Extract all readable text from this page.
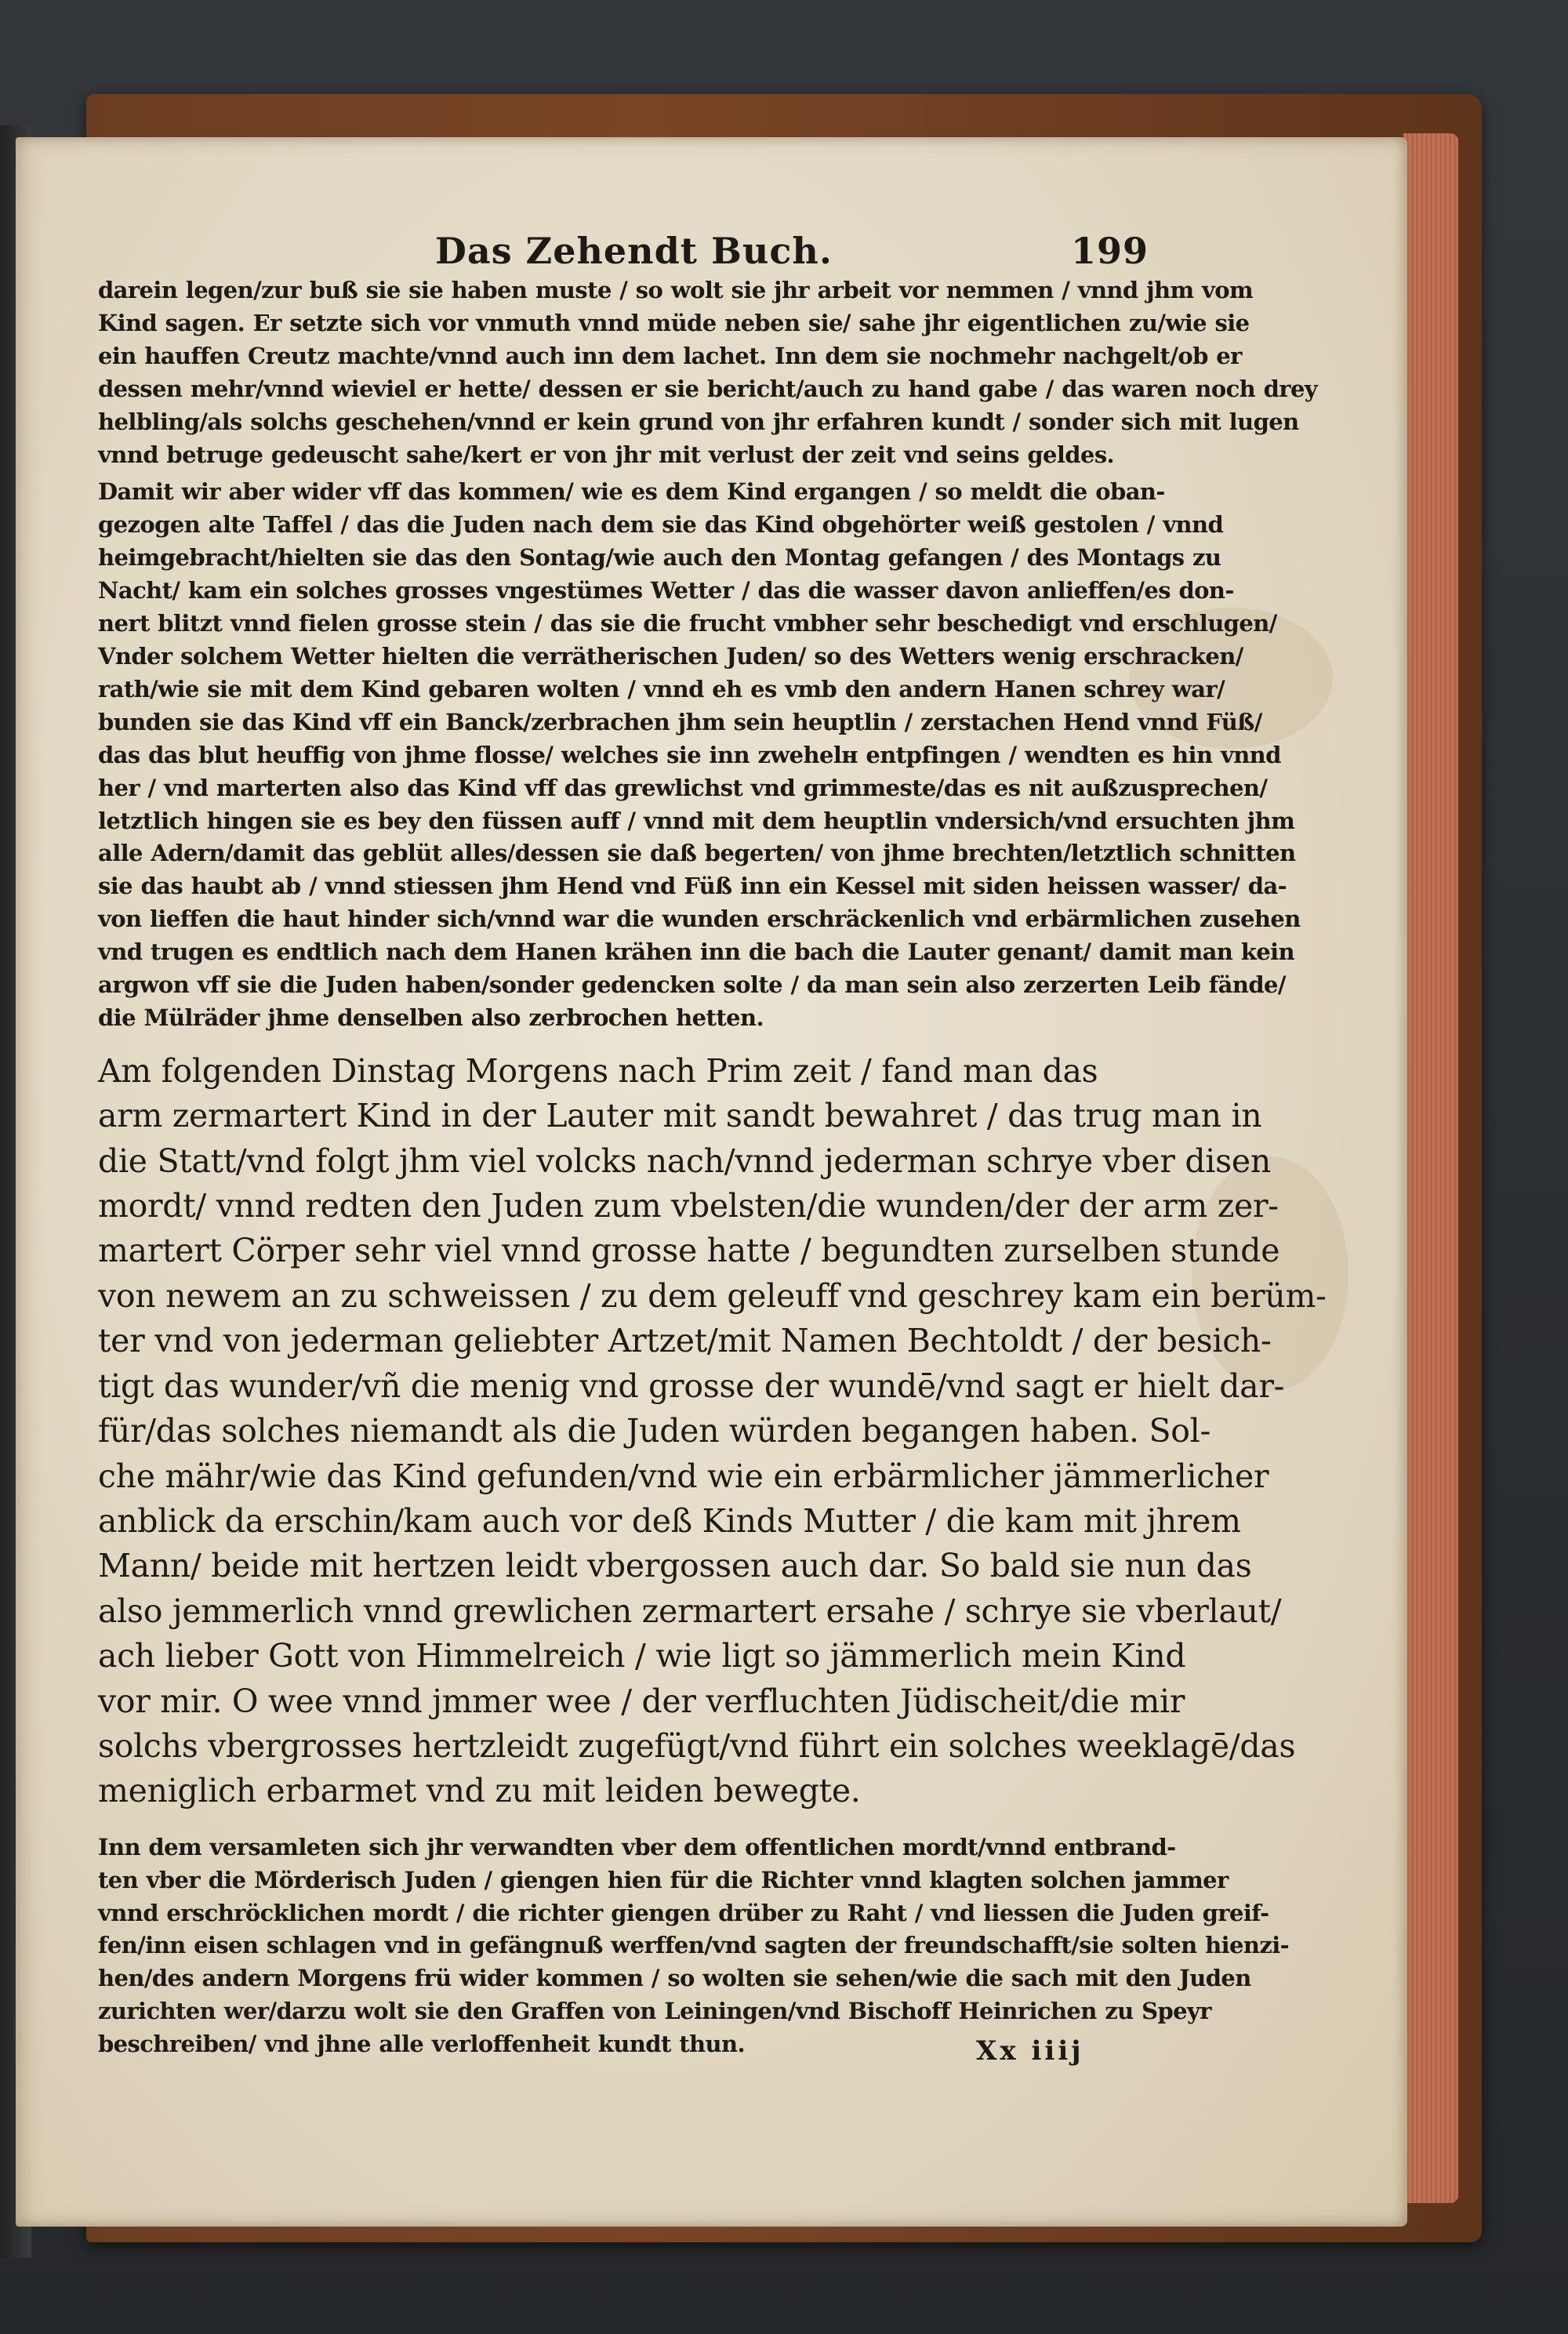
Das Zehendt Buch.	199
darein legen/zur buß sie sie haben muste / so wolt sie jhr arbeit vor nemmen / vnnd jhm vom
Kind sagen. Er setzte sich vor vnmuth vnnd müde neben sie/ sahe jhr eigentlichen zu/wie sie
ein hauffen Creutz machte/vnnd auch inn dem lachet. Inn dem sie nochmehr nachgelt/ob er
dessen mehr/vnnd wieviel er hette/ dessen er sie bericht/auch zu hand gabe / das waren noch drey
helbling/als solchs geschehen/vnnd er kein grund von jhr erfahren kundt / sonder sich mit lugen
vnnd betruge gedeuscht sahe/kert er von jhr mit verlust der zeit vnd seins geldes.
Damit wir aber wider vff das kommen/ wie es dem Kind ergangen / so meldt die oban-
gezogen alte Taffel / das die Juden nach dem sie das Kind obgehörter weiß gestolen / vnnd
heimgebracht/hielten sie das den Sontag/wie auch den Montag gefangen / des Montags zu
Nacht/ kam ein solches grosses vngestümes Wetter / das die wasser davon anlieffen/es don-
nert blitzt vnnd fielen grosse stein / das sie die frucht vmbher sehr beschedigt vnd erschlugen/
Vnder solchem Wetter hielten die verrätherischen Juden/ so des Wetters wenig erschracken/
rath/wie sie mit dem Kind gebaren wolten / vnnd eh es vmb den andern Hanen schrey war/
bunden sie das Kind vff ein Banck/zerbrachen jhm sein heuptlin / zerstachen Hend vnnd Füß/
das das blut heuffig von jhme flosse/ welches sie inn zwehelн entpfingen / wendten es hin vnnd
her / vnd marterten also das Kind vff das grewlichst vnd grimmeste/das es nit außzusprechen/
letztlich hingen sie es bey den füssen auff / vnnd mit dem heuptlin vndersich/vnd ersuchten jhm
alle Adern/damit das geblüt alles/dessen sie daß begerten/ von jhme brechten/letztlich schnitten
sie das haubt ab / vnnd stiessen jhm Hend vnd Füß inn ein Kessel mit siden heissen wasser/ da-
von lieffen die haut hinder sich/vnnd war die wunden erschräckenlich vnd erbärmlichen zusehen
vnd trugen es endtlich nach dem Hanen krähen inn die bach die Lauter genant/ damit man kein
argwon vff sie die Juden haben/sonder gedencken solte / da man sein also zerzerten Leib fände/
die Mülräder jhme denselben also zerbrochen hetten.
Am folgenden Dinstag Morgens nach Prim zeit / fand man das
arm zermartert Kind in der Lauter mit sandt bewahret / das trug man in
die Statt/vnd folgt jhm viel volcks nach/vnnd jederman schrye vber disen
mordt/ vnnd redten den Juden zum vbelsten/die wunden/der der arm zer-
martert Cörper sehr viel vnnd grosse hatte / begundten zurselben stunde
von newem an zu schweissen / zu dem geleuff vnd geschrey kam ein berüm-
ter vnd von jederman geliebter Artzet/mit Namen Bechtoldt / der besich-
tigt das wunder/vñ die menig vnd grosse der wundē/vnd sagt er hielt dar-
für/das solches niemandt als die Juden würden begangen haben. Sol-
che mähr/wie das Kind gefunden/vnd wie ein erbärmlicher jämmerlicher
anblick da erschin/kam auch vor deß Kinds Mutter / die kam mit jhrem
Mann/ beide mit hertzen leidt vbergossen auch dar. So bald sie nun das
also jemmerlich vnnd grewlichen zermartert ersahe / schrye sie vberlaut/
ach lieber Gott von Himmelreich / wie ligt so jämmerlich mein Kind
vor mir. O wee vnnd jmmer wee / der verfluchten Jüdischeit/die mir
solchs vbergrosses hertzleidt zugefügt/vnd führt ein solches weeklagē/das
meniglich erbarmet vnd zu mit leiden bewegte.
Inn dem versamleten sich jhr verwandten vber dem offentlichen mordt/vnnd entbrand-
ten vber die Mörderisch Juden / giengen hien für die Richter vnnd klagten solchen jammer
vnnd erschröcklichen mordt / die richter giengen drüber zu Raht / vnd liessen die Juden greif-
fen/inn eisen schlagen vnd in gefängnuß werffen/vnd sagten der freundschafft/sie solten hienzi-
hen/des andern Morgens frü wider kommen / so wolten sie sehen/wie die sach mit den Juden
zurichten wer/darzu wolt sie den Graffen von Leiningen/vnd Bischoff Heinrichen zu Speyr
beschreiben/ vnd jhne alle verloffenheit kundt thun.	Xx iiij
